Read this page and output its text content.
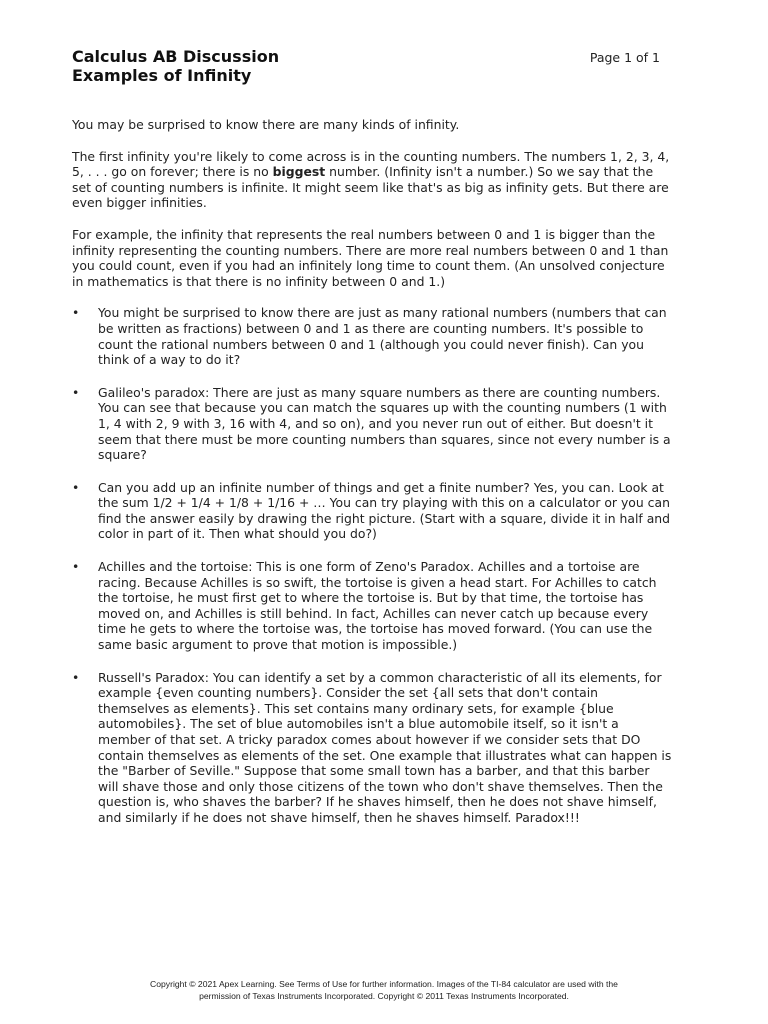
Calculus AB Discussion
Examples of Infinity
Page 1 of 1

You may be surprised to know there are many kinds of infinity.

The first infinity you're likely to come across is in the counting numbers. The numbers 1, 2, 3, 4, 5, . . . go on forever; there is no biggest number. (Infinity isn't a number.) So we say that the set of counting numbers is infinite. It might seem like that's as big as infinity gets. But there are even bigger infinities.

For example, the infinity that represents the real numbers between 0 and 1 is bigger than the infinity representing the counting numbers. There are more real numbers between 0 and 1 than you could count, even if you had an infinitely long time to count them. (An unsolved conjecture in mathematics is that there is no infinity between 0 and 1.)

• You might be surprised to know there are just as many rational numbers (numbers that can be written as fractions) between 0 and 1 as there are counting numbers. It's possible to count the rational numbers between 0 and 1 (although you could never finish). Can you think of a way to do it?
• Galileo's paradox: There are just as many square numbers as there are counting numbers. You can see that because you can match the squares up with the counting numbers (1 with 1, 4 with 2, 9 with 3, 16 with 4, and so on), and you never run out of either. But doesn't it seem that there must be more counting numbers than squares, since not every number is a square?
• Can you add up an infinite number of things and get a finite number? Yes, you can. Look at the sum 1/2 + 1/4 + 1/8 + 1/16 + … You can try playing with this on a calculator or you can find the answer easily by drawing the right picture. (Start with a square, divide it in half and color in part of it. Then what should you do?)
• Achilles and the tortoise: This is one form of Zeno's Paradox. Achilles and a tortoise are racing. Because Achilles is so swift, the tortoise is given a head start. For Achilles to catch the tortoise, he must first get to where the tortoise is. But by that time, the tortoise has moved on, and Achilles is still behind. In fact, Achilles can never catch up because every time he gets to where the tortoise was, the tortoise has moved forward. (You can use the same basic argument to prove that motion is impossible.)
• Russell's Paradox: You can identify a set by a common characteristic of all its elements, for example {even counting numbers}. Consider the set {all sets that don't contain themselves as elements}. This set contains many ordinary sets, for example {blue automobiles}. The set of blue automobiles isn't a blue automobile itself, so it isn't a member of that set. A tricky paradox comes about however if we consider sets that DO contain themselves as elements of the set. One example that illustrates what can happen is the "Barber of Seville." Suppose that some small town has a barber, and that this barber will shave those and only those citizens of the town who don't shave themselves. Then the question is, who shaves the barber? If he shaves himself, then he does not shave himself, and similarly if he does not shave himself, then he shaves himself. Paradox!!!
Copyright © 2021 Apex Learning. See Terms of Use for further information. Images of the TI-84 calculator are used with the
permission of Texas Instruments Incorporated. Copyright © 2011 Texas Instruments Incorporated.
